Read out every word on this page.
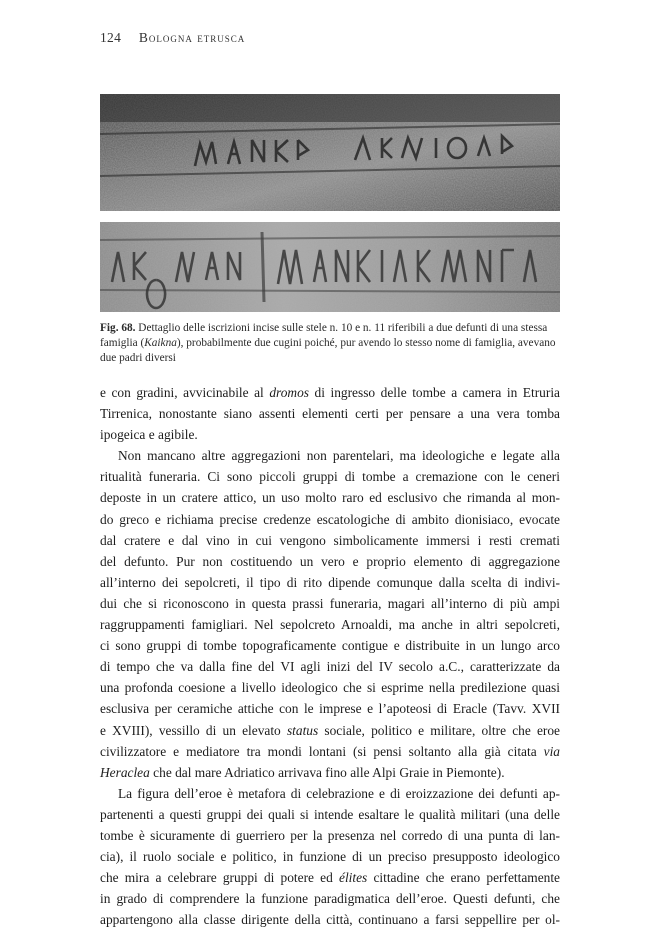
124 Bologna etrusca
Fig. 68. Dettaglio delle iscrizioni incise sulle stele n. 10 e n. 11 riferibili a due defunti di una stessa famiglia (Kaikna), probabilmente due cugini poiché, pur avendo lo stesso nome di famiglia, avevano due padri diversi
e con gradini, avvicinabile al dromos di ingresso delle tombe a camera in Etruria
Tirrenica, nonostante siano assenti elementi certi per pensare a una vera tomba
ipogeica e agibile.
Non mancano altre aggregazioni non parentelari, ma ideologiche e legate alla
ritualità funeraria. Ci sono piccoli gruppi di tombe a cremazione con le ceneri
deposte in un cratere attico, un uso molto raro ed esclusivo che rimanda al mon-
do greco e richiama precise credenze escatologiche di ambito dionisiaco, evocate
dal cratere e dal vino in cui vengono simbolicamente immersi i resti cremati
del defunto. Pur non costituendo un vero e proprio elemento di aggregazione
all’interno dei sepolcreti, il tipo di rito dipende comunque dalla scelta di indivi-
dui che si riconoscono in questa prassi funeraria, magari all’interno di più ampi
raggruppamenti famigliari. Nel sepolcreto Arnoaldi, ma anche in altri sepolcreti,
ci sono gruppi di tombe topograficamente contigue e distribuite in un lungo arco
di tempo che va dalla fine del VI agli inizi del IV secolo a.C., caratterizzate da
una profonda coesione a livello ideologico che si esprime nella predilezione quasi
esclusiva per ceramiche attiche con le imprese e l’apoteosi di Eracle (Tavv. XVII
e XVIII), vessillo di un elevato status sociale, politico e militare, oltre che eroe
civilizzatore e mediatore tra mondi lontani (si pensi soltanto alla già citata via
Heraclea che dal mare Adriatico arrivava fino alle Alpi Graie in Piemonte).
La figura dell’eroe è metafora di celebrazione e di eroizzazione dei defunti ap-
partenenti a questi gruppi dei quali si intende esaltare le qualità militari (una delle
tombe è sicuramente di guerriero per la presenza nel corredo di una punta di lan-
cia), il ruolo sociale e politico, in funzione di un preciso presupposto ideologico
che mira a celebrare gruppi di potere ed élites cittadine che erano perfettamente
in grado di comprendere la funzione paradigmatica dell’eroe. Questi defunti, che
appartengono alla classe dirigente della città, continuano a farsi seppellire per ol-
